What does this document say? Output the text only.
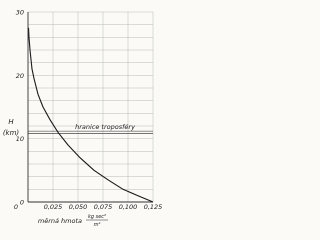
0
10
20
30
0	0,025 0,050 0,075 0,100 0,125
H
(km)
hranice troposféry
měrná hmota kg sec²
m⁴
